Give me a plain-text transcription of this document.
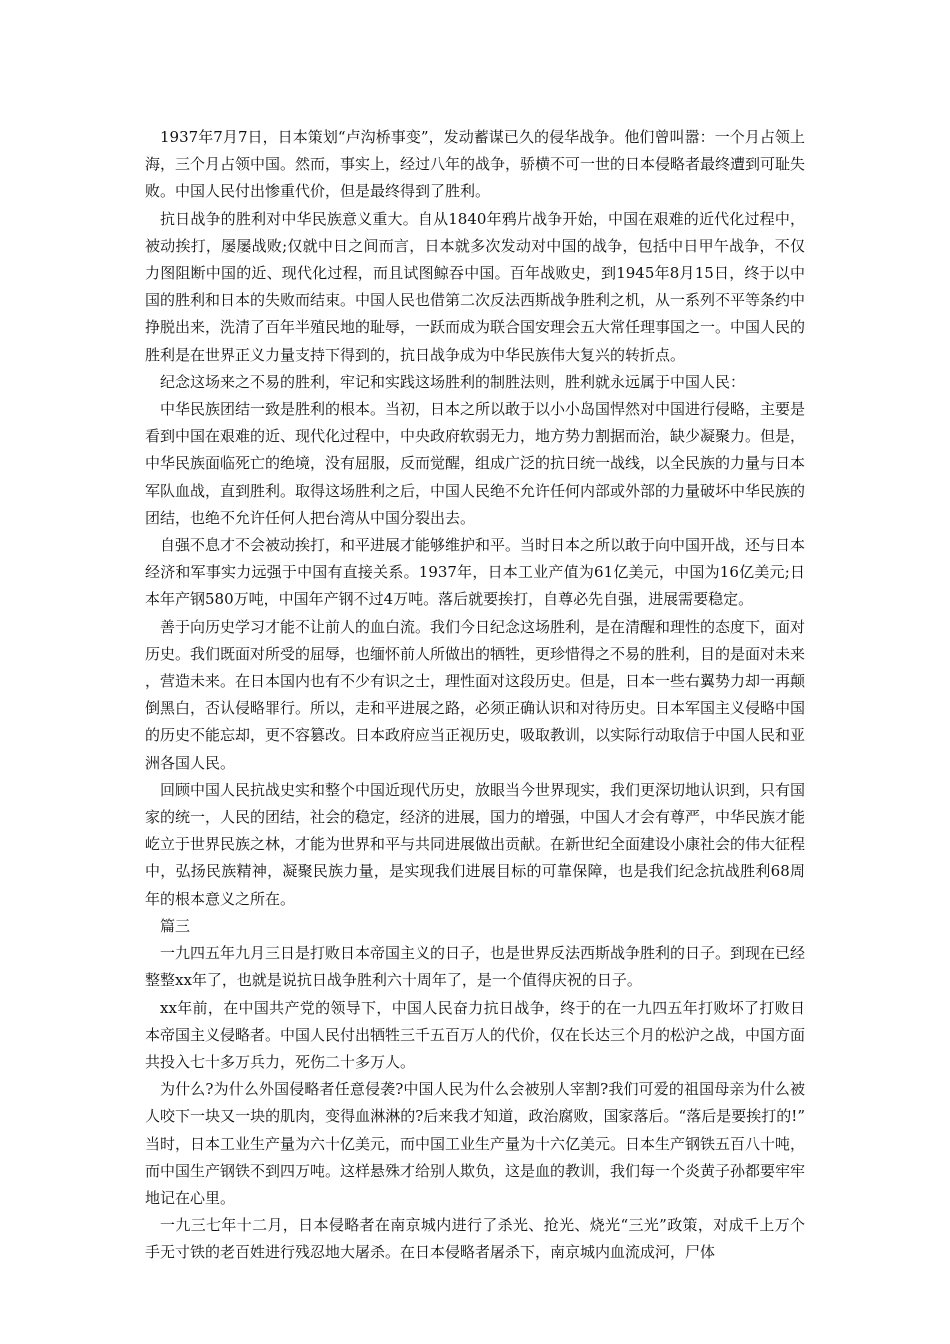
1937年7月7日，日本策划“卢沟桥事变”，发动蓄谋已久的侵华战争。他们曾叫嚣：一个月占领上海，三个月占领中国。然而，事实上，经过八年的战争，骄横不可一世的日本侵略者最终遭到可耻失败。中国人民付出惨重代价，但是最终得到了胜利。

抗日战争的胜利对中华民族意义重大。自从1840年鸦片战争开始，中国在艰难的近代化过程中，被动挨打，屡屡战败;仅就中日之间而言，日本就多次发动对中国的战争，包括中日甲午战争，不仅力图阻断中国的近、现代化过程，而且试图鲸吞中国。百年战败史，到1945年8月15日，终于以中国的胜利和日本的失败而结束。中国人民也借第二次反法西斯战争胜利之机，从一系列不平等条约中挣脱出来，洗清了百年半殖民地的耻辱，一跃而成为联合国安理会五大常任理事国之一。中国人民的胜利是在世界正义力量支持下得到的，抗日战争成为中华民族伟大复兴的转折点。

纪念这场来之不易的胜利，牢记和实践这场胜利的制胜法则，胜利就永远属于中国人民：

中华民族团结一致是胜利的根本。当初，日本之所以敢于以小小岛国悍然对中国进行侵略，主要是看到中国在艰难的近、现代化过程中，中央政府软弱无力，地方势力割据而治，缺少凝聚力。但是，中华民族面临死亡的绝境，没有屈服，反而觉醒，组成广泛的抗日统一战线，以全民族的力量与日本军队血战，直到胜利。取得这场胜利之后，中国人民绝不允许任何内部或外部的力量破坏中华民族的团结，也绝不允许任何人把台湾从中国分裂出去。

自强不息才不会被动挨打，和平进展才能够维护和平。当时日本之所以敢于向中国开战，还与日本经济和军事实力远强于中国有直接关系。1937年，日本工业产值为61亿美元，中国为16亿美元;日本年产钢580万吨，中国年产钢不过4万吨。落后就要挨打，自尊必先自强，进展需要稳定。

善于向历史学习才能不让前人的血白流。我们今日纪念这场胜利，是在清醒和理性的态度下，面对历史。我们既面对所受的屈辱，也缅怀前人所做出的牺牲，更珍惜得之不易的胜利，目的是面对未来，营造未来。在日本国内也有不少有识之士，理性面对这段历史。但是，日本一些右翼势力却一再颠倒黑白，否认侵略罪行。所以，走和平进展之路，必须正确认识和对待历史。日本军国主义侵略中国的历史不能忘却，更不容篡改。日本政府应当正视历史，吸取教训，以实际行动取信于中国人民和亚洲各国人民。

回顾中国人民抗战史实和整个中国近现代历史，放眼当今世界现实，我们更深切地认识到，只有国家的统一，人民的团结，社会的稳定，经济的进展，国力的增强，中国人才会有尊严，中华民族才能屹立于世界民族之林，才能为世界和平与共同进展做出贡献。在新世纪全面建设小康社会的伟大征程中，弘扬民族精神，凝聚民族力量，是实现我们进展目标的可靠保障，也是我们纪念抗战胜利68周年的根本意义之所在。

篇三

一九四五年九月三日是打败日本帝国主义的日子，也是世界反法西斯战争胜利的日子。到现在已经整整xx年了，也就是说抗日战争胜利六十周年了，是一个值得庆祝的日子。

xx年前，在中国共产党的领导下，中国人民奋力抗日战争，终于的在一九四五年打败坏了打败日本帝国主义侵略者。中国人民付出牺牲三千五百万人的代价，仅在长达三个月的松沪之战，中国方面共投入七十多万兵力，死伤二十多万人。

为什么?为什么外国侵略者任意侵袭?中国人民为什么会被别人宰割?我们可爱的祖国母亲为什么被人咬下一块又一块的肌肉，变得血淋淋的?后来我才知道，政治腐败，国家落后。“落后是要挨打的!”当时，日本工业生产量为六十亿美元，而中国工业生产量为十六亿美元。日本生产钢铁五百八十吨，而中国生产钢铁不到四万吨。这样悬殊才给别人欺负，这是血的教训，我们每一个炎黄子孙都要牢牢地记在心里。

一九三七年十二月，日本侵略者在南京城内进行了杀光、抢光、烧光“三光”政策，对成千上万个手无寸铁的老百姓进行残忍地大屠杀。在日本侵略者屠杀下，南京城内血流成河，尸体
